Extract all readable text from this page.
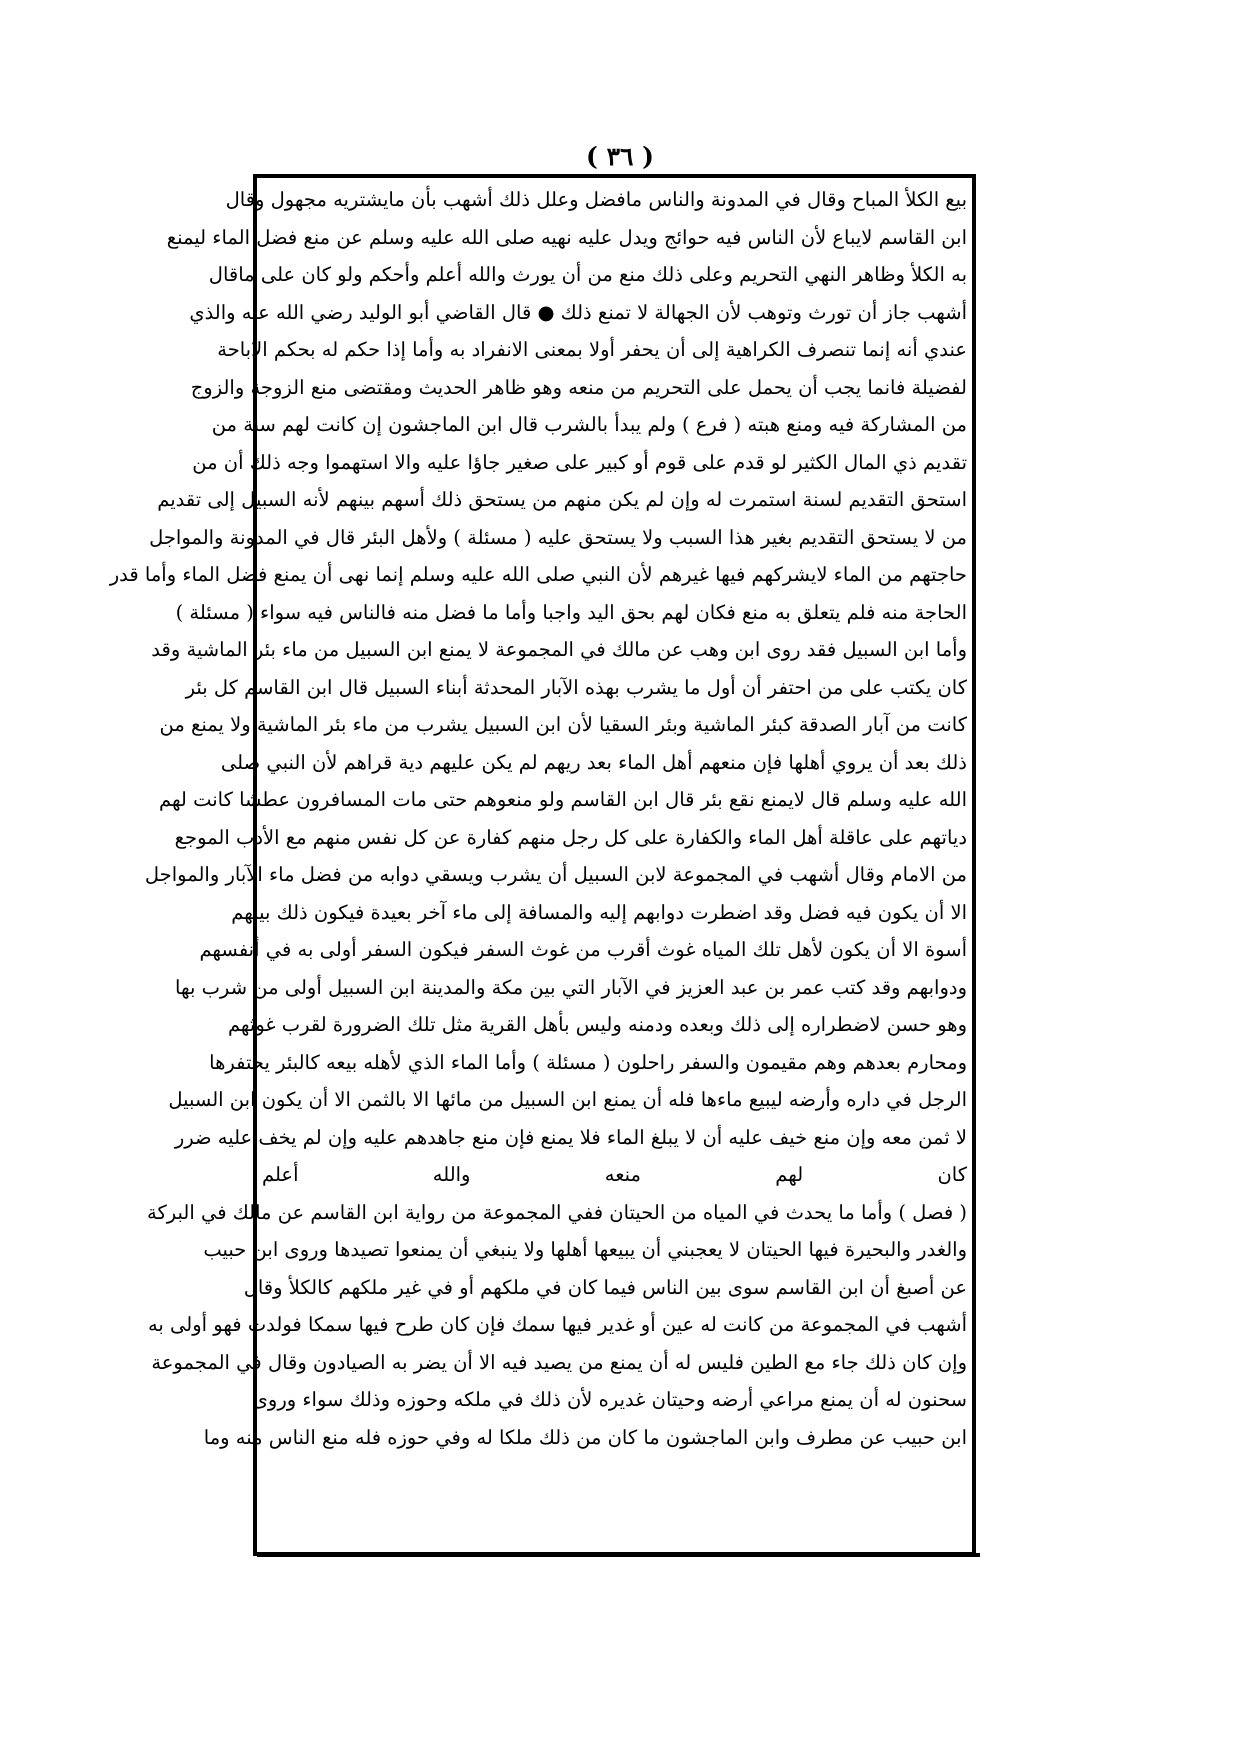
( ٣٦ )
بيع الكلأ المباح وقال في المدونة والناس مافضل وعلل ذلك أشهب بأن مايشتريه مجهول وقال
ابن القاسم لايباع لأن الناس فيه حوائج ويدل عليه نهيه صلى الله عليه وسلم عن منع فضل الماء ليمنع
به الكلأ وظاهر النهي التحريم وعلى ذلك منع من أن يورث والله أعلم وأحكم ولو كان على ماقال
أشهب جاز أن تورث وتوهب لأن الجهالة لا تمنع ذلك ● قال القاضي أبو الوليد رضي الله عنه والذي
عندي أنه إنما تنصرف الكراهية إلى أن يحفر أولا بمعنى الانفراد به وأما إذا حكم له بحكم الاباحة
لفضيلة فانما يجب أن يحمل على التحريم من منعه وهو ظاهر الحديث ومقتضى منع الزوجة والزوج
من المشاركة فيه ومنع هبته ( فرع ) ولم يبدأ بالشرب قال ابن الماجشون إن كانت لهم سنة من
تقديم ذي المال الكثير لو قدم على قوم أو كبير على صغير جاؤا عليه والا استهموا وجه ذلك أن من
استحق التقديم لسنة استمرت له وإن لم يكن منهم من يستحق ذلك أسهم بينهم لأنه السبيل إلى تقديم
من لا يستحق التقديم بغير هذا السبب ولا يستحق عليه ( مسئلة ) ولأهل البئر قال في المدونة والمواجل
حاجتهم من الماء لايشركهم فيها غيرهم لأن النبي صلى الله عليه وسلم إنما نهى أن يمنع فضل الماء وأما قدر
الحاجة منه فلم يتعلق به منع فكان لهم بحق اليد واجبا وأما ما فضل منه فالناس فيه سواء ( مسئلة )
وأما ابن السبيل فقد روى ابن وهب عن مالك في المجموعة لا يمنع ابن السبيل من ماء بئر الماشية وقد
كان يكتب على من احتفر أن أول ما يشرب بهذه الآبار المحدثة أبناء السبيل قال ابن القاسم كل بئر
كانت من آبار الصدقة كبئر الماشية وبئر السقيا لأن ابن السبيل يشرب من ماء بئر الماشية ولا يمنع من
ذلك بعد أن يروي أهلها فإن منعهم أهل الماء بعد ريهم لم يكن عليهم دية قراهم لأن النبي صلى
الله عليه وسلم قال لايمنع نقع بئر قال ابن القاسم ولو منعوهم حتى مات المسافرون عطشا كانت لهم
دياتهم على عاقلة أهل الماء والكفارة على كل رجل منهم كفارة عن كل نفس منهم مع الأدب الموجع
من الامام وقال أشهب في المجموعة لابن السبيل أن يشرب ويسقي دوابه من فضل ماء الآبار والمواجل
الا أن يكون فيه فضل وقد اضطرت دوابهم إليه والمسافة إلى ماء آخر بعيدة فيكون ذلك بينهم
أسوة الا أن يكون لأهل تلك المياه غوث أقرب من غوث السفر فيكون السفر أولى به في أنفسهم
ودوابهم وقد كتب عمر بن عبد العزيز في الآبار التي بين مكة والمدينة ابن السبيل أولى من شرب بها
وهو حسن لاضطراره إلى ذلك وبعده ودمنه وليس بأهل القرية مثل تلك الضرورة لقرب غوثهم
ومحارم بعدهم وهم مقيمون والسفر راحلون ( مسئلة ) وأما الماء الذي لأهله بيعه كالبئر يحتفرها
الرجل في داره وأرضه ليبيع ماءها فله أن يمنع ابن السبيل من مائها الا بالثمن الا أن يكون ابن السبيل
لا ثمن معه وإن منع خيف عليه أن لا يبلغ الماء فلا يمنع فإن منع جاهدهم عليه وإن لم يخف عليه ضرر
كان لهم منعه والله أعلم
( فصل ) وأما ما يحدث في المياه من الحيتان ففي المجموعة من رواية ابن القاسم عن مالك في البركة
والغدر والبحيرة فيها الحيتان لا يعجبني أن يبيعها أهلها ولا ينبغي أن يمنعوا تصيدها وروى ابن حبيب
عن أصبغ أن ابن القاسم سوى بين الناس فيما كان في ملكهم أو في غير ملكهم كالكلأ وقال
أشهب في المجموعة من كانت له عين أو غدير فيها سمك فإن كان طرح فيها سمكا فولدت فهو أولى به
وإن كان ذلك جاء مع الطين فليس له أن يمنع من يصيد فيه الا أن يضر به الصيادون وقال في المجموعة
سحنون له أن يمنع مراعي أرضه وحيتان غديره لأن ذلك في ملكه وحوزه وذلك سواء وروى
ابن حبيب عن مطرف وابن الماجشون ما كان من ذلك ملكا له وفي حوزه فله منع الناس منه وما
